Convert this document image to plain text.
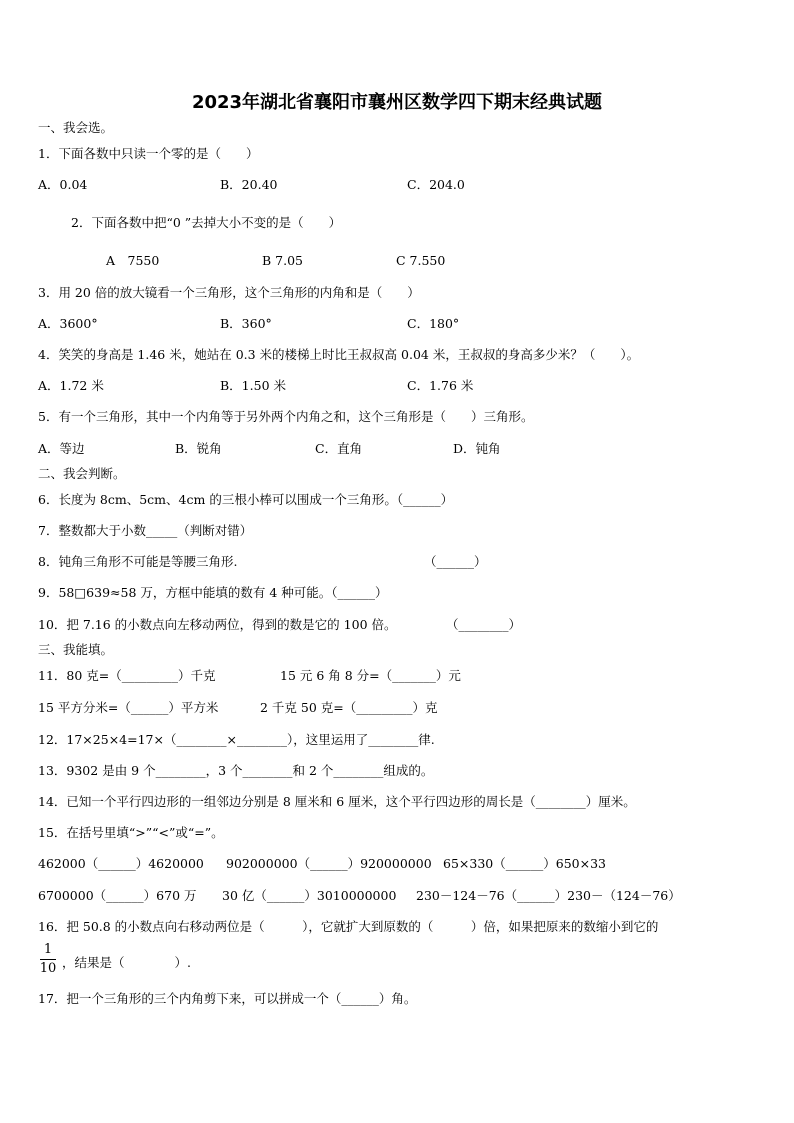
2023年湖北省襄阳市襄州区数学四下期末经典试题
一、我会选。
1．下面各数中只读一个零的是（　　）
A．0.04	B．20.40	C．204.0
2．下面各数中把“0 ”去掉大小不变的是（　　）
A　7550	B 7.05	C 7.550
3．用 20 倍的放大镜看一个三角形，这个三角形的内角和是（　　）
A．3600°	B．360°	C．180°
4．笑笑的身高是 1.46 米，她站在 0.3 米的楼梯上时比王叔叔高 0.04 米，王叔叔的身高多少米？（　　）。
A．1.72 米	B．1.50 米	C．1.76 米
5．有一个三角形，其中一个内角等于另外两个内角之和，这个三角形是（　　）三角形。
A．等边	B．锐角	C．直角	D．钝角
二、我会判断。
6．长度为 8cm、5cm、4cm 的三根小棒可以围成一个三角形。（______）
7．整数都大于小数_____（判断对错）
8．钝角三角形不可能是等腰三角形.	（______）
9．58□639≈58 万，方框中能填的数有 4 种可能。（______）
10．把 7.16 的小数点向左移动两位，得到的数是它的 100 倍。	（________）
三、我能填。
11．80 克=（_________）千克	15 元 6 角 8 分=（_______）元
15 平方分米=（______）平方米	2 千克 50 克=（_________）克
12．17×25×4=17×（________×________），这里运用了________律.
13．9302 是由 9 个________，3 个________和 2 个________组成的。
14．已知一个平行四边形的一组邻边分别是 8 厘米和 6 厘米，这个平行四边形的周长是（________）厘米。
15．在括号里填“>”“<”或“=”。
462000（______）4620000 902000000（______）920000000 65×330（______）650×33
6700000（______）670 万 30 亿（______）3010000000 230－124－76（______）230－（124－76）
16．把 50.8 的小数点向右移动两位是（　　　），它就扩大到原数的（　　　）倍，如果把原来的数缩小到它的
1
10 ，结果是（　　　　）.
17．把一个三角形的三个内角剪下来，可以拼成一个（______）角。
